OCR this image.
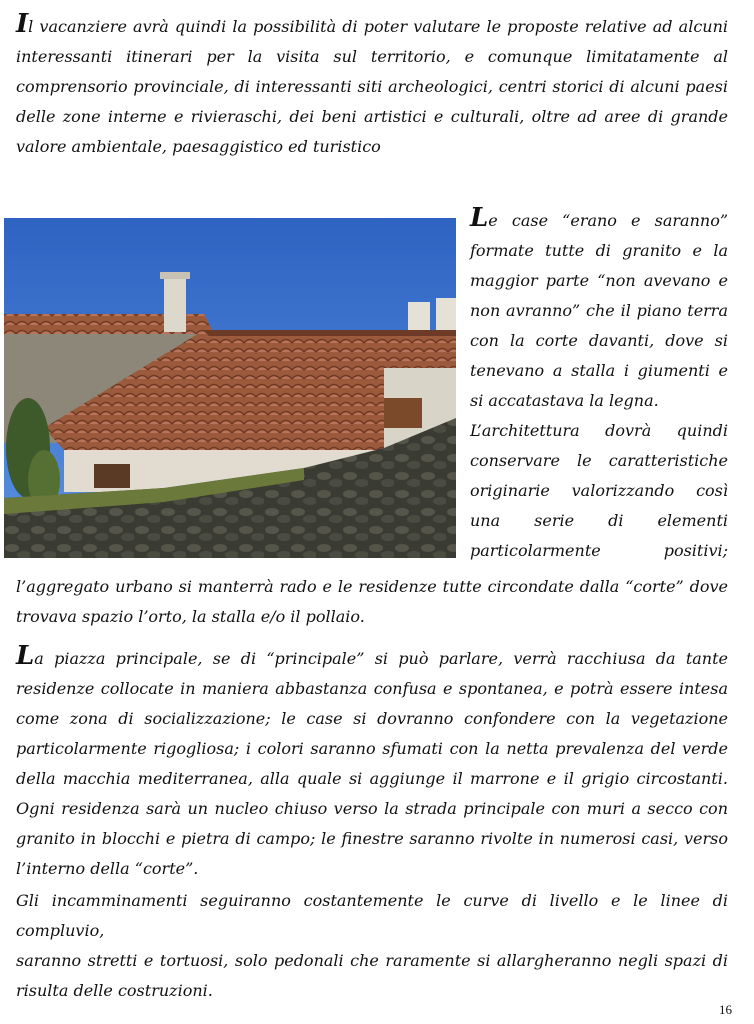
Il vacanziere avrà quindi la possibilità di poter valutare le proposte relative ad alcuni
interessanti itinerari per la visita sul territorio, e comunque limitatamente al
comprensorio provinciale, di interessanti siti archeologici, centri storici di alcuni paesi
delle zone interne e rivieraschi, dei beni artistici e culturali, oltre ad aree di grande
valore ambientale, paesaggistico ed turistico
Le case “erano e saranno”
formate tutte di granito e la
maggior parte “non avevano e
non avranno” che il piano terra
con la corte davanti, dove si
tenevano a stalla i giumenti e
si accatastava la legna.
L’architettura dovrà quindi
conservare le caratteristiche
originarie valorizzando così
una serie di elementi
particolarmente positivi;
l’aggregato urbano si manterrà rado e le residenze tutte circondate dalla “corte” dove
trovava spazio l’orto, la stalla e/o il pollaio.
La piazza principale, se di “principale” si può parlare, verrà racchiusa da tante
residenze collocate in maniera abbastanza confusa e spontanea, e potrà essere intesa
come zona di socializzazione; le case si dovranno confondere con la vegetazione
particolarmente rigogliosa; i colori saranno sfumati con la netta prevalenza del verde
della macchia mediterranea, alla quale si aggiunge il marrone e il grigio circostanti.
Ogni residenza sarà un nucleo chiuso verso la strada principale con muri a secco con
granito in blocchi e pietra di campo; le finestre saranno rivolte in numerosi casi, verso
l’interno della “corte”.
Gli incamminamenti seguiranno costantemente le curve di livello e le linee di compluvio,
saranno stretti e tortuosi, solo pedonali che raramente si allargheranno negli spazi di
risulta delle costruzioni.
16
